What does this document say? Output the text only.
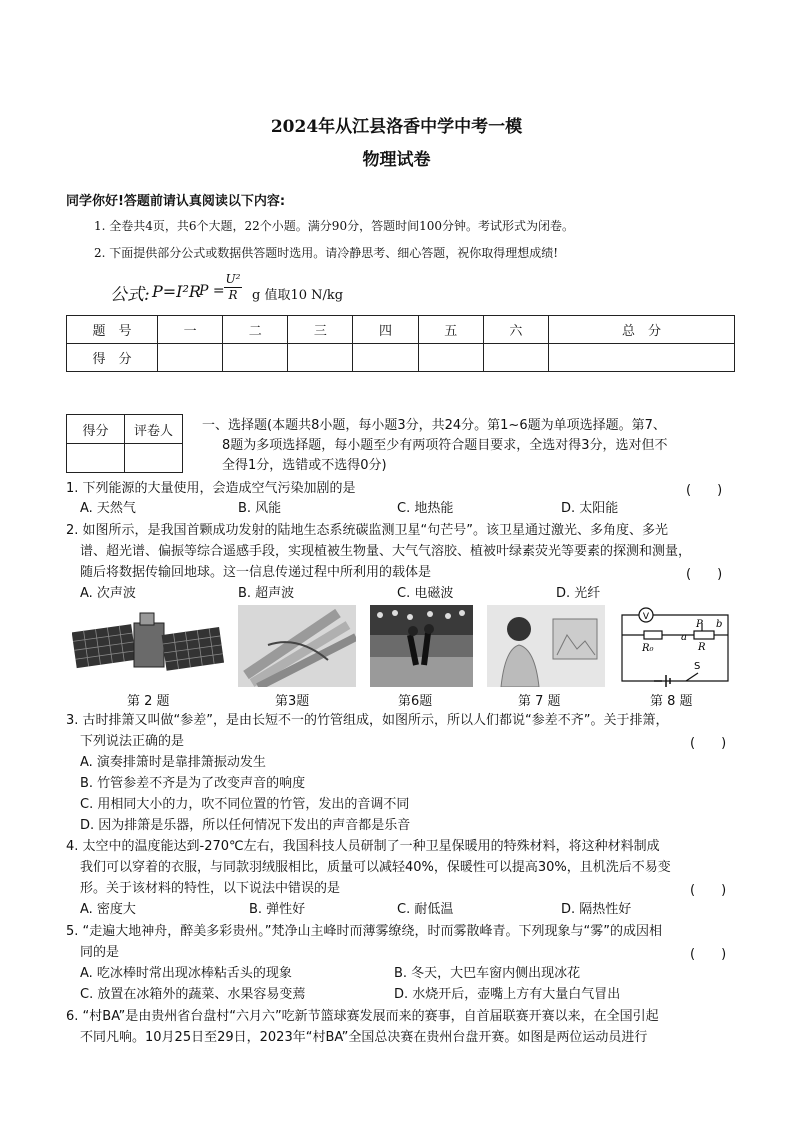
2024年从江县洛香中学中考一模
物理试卷
同学你好!答题前请认真阅读以下内容:
1. 全卷共4页，共6个大题，22个小题。满分90分，答题时间100分钟。考试形式为闭卷。
2. 下面提供部分公式或数据供答题时选用。请冷静思考、细心答题，祝你取得理想成绩!
公式: P=I²R
$P = \frac{\text{U²}}{R}$ g 值取10 N/kg
题　号	一	二	三	四	五	六	总　分
得　分							
得分	评卷人
	一、选择题(本题共8小题，每小题3分，共24分。第1~6题为单项选择题。第7、
8题为多项选择题，每小题至少有两项符合题目要求，全选对得3分，选对但不
全得1分，选错或不选得0分)
1. 下列能源的大量使用，会造成空气污染加剧的是	(　　)
A. 天然气	B. 风能	C. 地热能	D. 太阳能
2. 如图所示，是我国首颗成功发射的陆地生态系统碳监测卫星“句芒号”。该卫星通过激光、多角度、多光
谱、超光谱、偏振等综合遥感手段，实现植被生物量、大气气溶胶、植被叶绿素荧光等要素的探测和测量，
随后将数据传输回地球。这一信息传递过程中所利用的载体是	(　　)
A. 次声波	B. 超声波	C. 电磁波	D. 光纤
V
R₀
a
P
R
b
S
第 2 题	第3题	第6题	第 7 题	第 8 题
3. 古时排箫又叫做“参差”，是由长短不一的竹管组成，如图所示，所以人们都说“参差不齐”。关于排箫，
下列说法正确的是	(　　)
A. 演奏排箫时是靠排箫振动发生
B. 竹管参差不齐是为了改变声音的响度
C. 用相同大小的力，吹不同位置的竹管，发出的音调不同
D. 因为排箫是乐器，所以任何情况下发出的声音都是乐音
4. 太空中的温度能达到-270℃左右，我国科技人员研制了一种卫星保暖用的特殊材料，将这种材料制成
我们可以穿着的衣服，与同款羽绒服相比，质量可以减轻40%，保暖性可以提高30%，且机洗后不易变
形。关于该材料的特性，以下说法中错误的是	(　　)
A. 密度大	B. 弹性好	C. 耐低温	D. 隔热性好
5. “走遍大地神舟，醉美多彩贵州。”梵净山主峰时而薄雾缭绕，时而雾散峰青。下列现象与“雾”的成因相
同的是	(　　)
A. 吃冰棒时常出现冰棒粘舌头的现象	B. 冬天，大巴车窗内侧出现冰花
C. 放置在冰箱外的蔬菜、水果容易变蔫	D. 水烧开后，壶嘴上方有大量白气冒出
6. “村BA”是由贵州省台盘村“六月六”吃新节篮球赛发展而来的赛事，自首届联赛开赛以来，在全国引起
不同凡响。10月25日至29日，2023年“村BA”全国总决赛在贵州台盘开赛。如图是两位运动员进行
